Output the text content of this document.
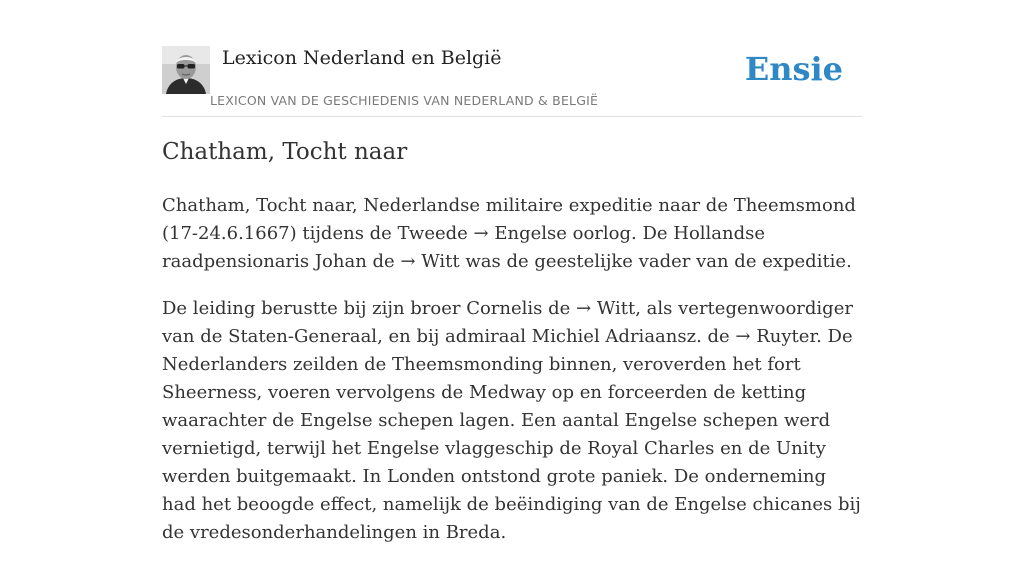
Lexicon Nederland en België
LEXICON VAN DE GESCHIEDENIS VAN NEDERLAND & BELGIË
Ensie
Chatham, Tocht naar

Chatham, Tocht naar, Nederlandse militaire expeditie naar de Theemsmond (17-24.6.1667) tijdens de Tweede → Engelse oorlog. De Hollandse raadpensionaris Johan de → Witt was de geestelijke vader van de expeditie.

De leiding berustte bij zijn broer Cornelis de → Witt, als vertegenwoordiger van de Staten-Generaal, en bij admiraal Michiel Adriaansz. de → Ruyter. De Nederlanders zeilden de Theemsmonding binnen, veroverden het fort Sheerness, voeren vervolgens de Medway op en forceerden de ketting waarachter de Engelse schepen lagen. Een aantal Engelse schepen werd vernietigd, terwijl het Engelse vlaggeschip de Royal Charles en de Unity werden buitgemaakt. In Londen ontstond grote paniek. De onderneming had het beoogde effect, namelijk de beëindiging van de Engelse chicanes bij de vredesonderhandelingen in Breda.
